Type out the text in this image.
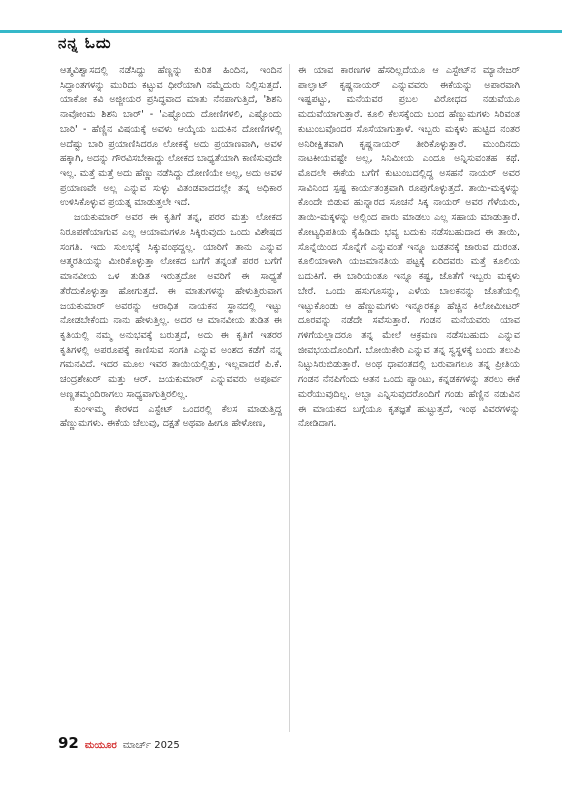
ನನ್ನ ಓದು

ಆತ್ಮವಿಶ್ವಾಸದಲ್ಲಿ ನಡೆಸಿದ್ದು ಹೆಣ್ಣನ್ನು ಕುರಿತ ಹಿಂದಿನ, ಇಂದಿನ ಸಿದ್ಧಾಂತಗಳನ್ನು ಮುರಿದು ಕಟ್ಟುವ ಧೀರೆಯಾಗಿ ನಮ್ಮೆದುರು ನಿಲ್ಲಿಸುತ್ತದೆ. ಯಾಕೋ ಕವಿ ಅಜ್ಜೀಯರ ಪ್ರಸಿದ್ಧವಾದ ಮಾತು ನೆನಪಾಗುತ್ತಿದೆ, 'ಶಿಶನಿ ನಾವೋಂಮ ಶಿಶನಿ ಬಾರ್' - 'ಎಷ್ಟೊಂದು ದೋಣಿಗಳಲಿ, ಎಷ್ಟೊಂದು ಬಾರಿ' - ಹೆಣ್ಣಿನ ವಿಷಯಕ್ಕೆ ಅವಳು ಆಯ್ಕೆಯ ಬದುಕಿನ ದೋಣಿಗಳಲ್ಲಿ ಅದೆಷ್ಟು ಬಾರಿ ಪ್ರಯಾಣಿಸಿದರೂ ಲೋಕಕ್ಕೆ ಅದು ಪ್ರಯಾಣವಾಗಿ, ಅವಳ ಹಕ್ಕಾಗಿ, ಅದನ್ನು ಗೌರವಿಸಬೇಕಾದ್ದು ಲೋಕದ ಬಾಧ್ಯತೆಯಾಗಿ ಕಾಣಿಸುವುದೇ ಇಲ್ಲ. ಮತ್ತೆ ಮತ್ತೆ ಅದು ಹೆಣ್ಣು ನಡೆಸಿದ್ದು ದೋಣಿಯೇ ಅಲ್ಲ, ಅದು ಅವಳ ಪ್ರಯಾಣವೇ ಅಲ್ಲ ಎನ್ನುವ ಸುಳ್ಳು ವಿತಂಡವಾದದಲ್ಲೇ ತನ್ನ ಅಧಿಕಾರ ಉಳಿಸಿಕೊಳ್ಳುವ ಪ್ರಯತ್ನ ಮಾಡುತ್ತಲೇ ಇದೆ.

ಜಯಕುಮಾರ್ ಅವರ ಈ ಕೃತಿಗೆ ತನ್ನ, ಪರರ ಮತ್ತು ಲೋಕದ ನಿರೂಪಣೆಯಾಗುವ ಎಲ್ಲ ಆಯಾಮಗಳೂ ಸಿಕ್ಕಿರುವುದು ಒಂದು ವಿಶೇಷದ ಸಂಗತಿ. ಇದು ಸುಲಭಕ್ಕೆ ಸಿಕ್ಕುವಂಥದ್ದಲ್ಲ. ಯಾರಿಗೆ ತಾನು ಎನ್ನುವ ಆತ್ಮರತಿಯನ್ನು ಮೀರಿಕೊಳ್ಳುತ್ತಾ ಲೋಕದ ಬಗೆಗೆ ತನ್ನಂತೆ ಪರರ ಬಗೆಗೆ ಮಾನವೀಯ ಒಳ ತುಡಿತ ಇರುತ್ತದೋ ಅವರಿಗೆ ಈ ಸಾಧ್ಯತೆ ತೆರೆದುಕೊಳ್ಳುತ್ತಾ ಹೋಗುತ್ತದೆ. ಈ ಮಾತುಗಳನ್ನು ಹೇಳುತ್ತಿರುವಾಗ ಜಯಕುಮಾರ್ ಅವರನ್ನು ಆರಾಧಿತ ನಾಯಕನ ಸ್ಥಾನದಲ್ಲಿ ಇಟ್ಟು ನೋಡಬೇಕೆಂದು ನಾನು ಹೇಳುತ್ತಿಲ್ಲ. ಅದರ ಆ ಮಾನವೀಯ ತುಡಿತ ಈ ಕೃತಿಯಲ್ಲಿ ನಮ್ಮ ಅನುಭವಕ್ಕೆ ಬರುತ್ತದೆ, ಅದು ಈ ಕೃತಿಗೆ ಇತರರ ಕೃತಿಗಳಲ್ಲಿ ಅಪರೂಪಕ್ಕೆ ಕಾಣಿಸುವ ಸಂಗತಿ ಎನ್ನುವ ಅಂಶದ ಕಡೆಗೆ ನನ್ನ ಗಮನವಿದೆ. ಇದರ ಮೂಲ ಇವರ ತಾಯಿಯಲ್ಲಿತ್ತು, ಇಲ್ಲವಾದರೆ ಪಿ.ಕೆ. ಚಂದ್ರಶೇಖರ್ ಮತ್ತು ಆರ್. ಜಯಕುಮಾರ್ ಎನ್ನುವವರು ಅಪೂರ್ವ ಅಣ್ಣತಮ್ಮಂದಿರಾಗಲು ಸಾಧ್ಯವಾಗುತ್ತಿರಲಿಲ್ಲ.

ಕುಂಞಮ್ಮ ಕೇರಳದ ಎಸ್ಟೇಟ್ ಒಂದರಲ್ಲಿ ಕೆಲಸ ಮಾಡುತ್ತಿದ್ದ ಹೆಣ್ಣುಮಗಳು. ಈಕೆಯ ಚೆಲುವು, ದಕ್ಷತೆ ಅಥವಾ ಹೀಗೂ ಹೇಳೋಣ,

ಈ ಯಾವ ಕಾರಣಗಳ ಹೆಸರಿಲ್ಲದೆಯೂ ಆ ಎಸ್ಟೇಟ್‌ನ ಮ್ಯಾನೇಜರ್ ಪಾಲ್ಘಾಟ್ ಕೃಷ್ಣನಾಯರ್ ಎನ್ನುವವರು ಈಕೆಯನ್ನು ಅಪಾರವಾಗಿ ಇಷ್ಟಪಟ್ಟು, ಮನೆಯವರ ಪ್ರಬಲ ವಿರೋಧದ ನಡುವೆಯೂ ಮದುವೆಯಾಗುತ್ತಾರೆ. ಕೂಲಿ ಕೆಲಸಕ್ಕೆಂದು ಬಂದ ಹೆಣ್ಣುಮಗಳು ಸಿರಿವಂತ ಕುಟುಂಬವೊಂದರ ಸೊಸೆಯಾಗುತ್ತಾಳೆ. ಇಬ್ಬರು ಮಕ್ಕಳು ಹುಟ್ಟಿದ ನಂತರ ಅನಿರೀಕ್ಷಿತವಾಗಿ ಕೃಷ್ಣನಾಯರ್ ತೀರಿಕೊಳ್ಳುತ್ತಾರೆ. ಮುಂದಿನದು ನಾಟಕೀಯವಷ್ಟೇ ಅಲ್ಲ, ಸಿನಿಮೀಯ ಎಂದೂ ಅನ್ನಿಸುವಂತಹ ಕಥೆ. ಮೊದಲೇ ಈಕೆಯ ಬಗೆಗೆ ಕುಟುಂಬದಲ್ಲಿದ್ದ ಅಸಹನೆ ನಾಯರ್ ಅವರ ಸಾವಿನಿಂದ ಸ್ಪಷ್ಟ ಕಾರ್ಯತಂತ್ರವಾಗಿ ರೂಪುಗೊಳ್ಳುತ್ತದೆ. ತಾಯಿ-ಮಕ್ಕಳನ್ನು ಕೊಂದೇ ಬಿಡುವ ಹುನ್ನಾರದ ಸೂಚನೆ ಸಿಕ್ಕ ನಾಯರ್ ಅವರ ಗೆಳೆಯರು, ತಾಯಿ-ಮಕ್ಕಳನ್ನು ಅಲ್ಲಿಂದ ಪಾರು ಮಾಡಲು ಎಲ್ಲ ಸಹಾಯ ಮಾಡುತ್ತಾರೆ. ಕೋಟ್ಯಧಿಪತಿಯ ಕೈಹಿಡಿದು ಭವ್ಯ ಬದುಕು ನಡೆಸಬಹುದಾದ ಈ ತಾಯಿ, ಸೊನ್ನೆಯಿಂದ ಸೊನ್ನೆಗೆ ಎನ್ನುವಂತೆ ಇನ್ನೂ ಬಡತನಕ್ಕೆ ಜಾರುವ ದುರಂತ. ಕೂಲಿಯಾಳಾಗಿ ಯಜಮಾನತಿಯ ಪಟ್ಟಕ್ಕೆ ಏರಿದವರು ಮತ್ತೆ ಕೂಲಿಯ ಬದುಕಿಗೆ. ಈ ಬಾರಿಯಂತೂ ಇನ್ನೂ ಕಷ್ಟ, ಜೊತೆಗೆ ಇಬ್ಬರು ಮಕ್ಕಳು ಬೇರೆ. ಒಂದು ಹಸುಗೂಸನ್ನು, ಎಳೆಯ ಬಾಲಕನನ್ನು ಜೊತೆಯಲ್ಲಿ ಇಟ್ಟುಕೊಂಡು ಆ ಹೆಣ್ಣುಮಗಳು ಇನ್ನೂರಕ್ಕೂ ಹೆಚ್ಚಿನ ಕಿಲೋಮೀಟರ್ ದೂರವನ್ನು ನಡೆದೇ ಸವೆಸುತ್ತಾರೆ. ಗಂಡನ ಮನೆಯವರು ಯಾವ ಗಳಿಗೆಯಲ್ಲಾದರೂ ತನ್ನ ಮೇಲೆ ಆಕ್ರಮಣ ನಡೆಸಬಹುದು ಎನ್ನುವ ಜೀವಭಯದೊಂದಿಗೆ. ಬೋಯಿಕೇರಿ ಎನ್ನುವ ತನ್ನ ಸ್ವಸ್ಥಳಕ್ಕೆ ಬಂದು ತಲುಪಿ ನಿಟ್ಟುಸಿರುಬಿಡುತ್ತಾರೆ. ಅಂಥ ಧಾವಂತದಲ್ಲಿ ಬರುವಾಗಲೂ ತನ್ನ ಪ್ರೀತಿಯ ಗಂಡನ ನೆನಪಿಗೆಂದು ಆತನ ಒಂದು ಪ್ಯಾಂಟು, ಕನ್ನಡಕಗಳನ್ನು ತರಲು ಈಕೆ ಮರೆಯುವುದಿಲ್ಲ. ಅಬ್ಬಾ ಎನ್ನಿಸುವುದರೊಂದಿಗೆ ಗಂಡು ಹೆಣ್ಣಿನ ನಡುವಿನ ಈ ಮಾಯಕದ ಬಗ್ಗೆಯೂ ಕೃತಜ್ಞತೆ ಹುಟ್ಟುತ್ತದೆ, ಇಂಥ ವಿವರಗಳನ್ನು ನೋಡಿದಾಗ.

92 ಮಯೂರ ಮಾರ್ಚ್ 2025
